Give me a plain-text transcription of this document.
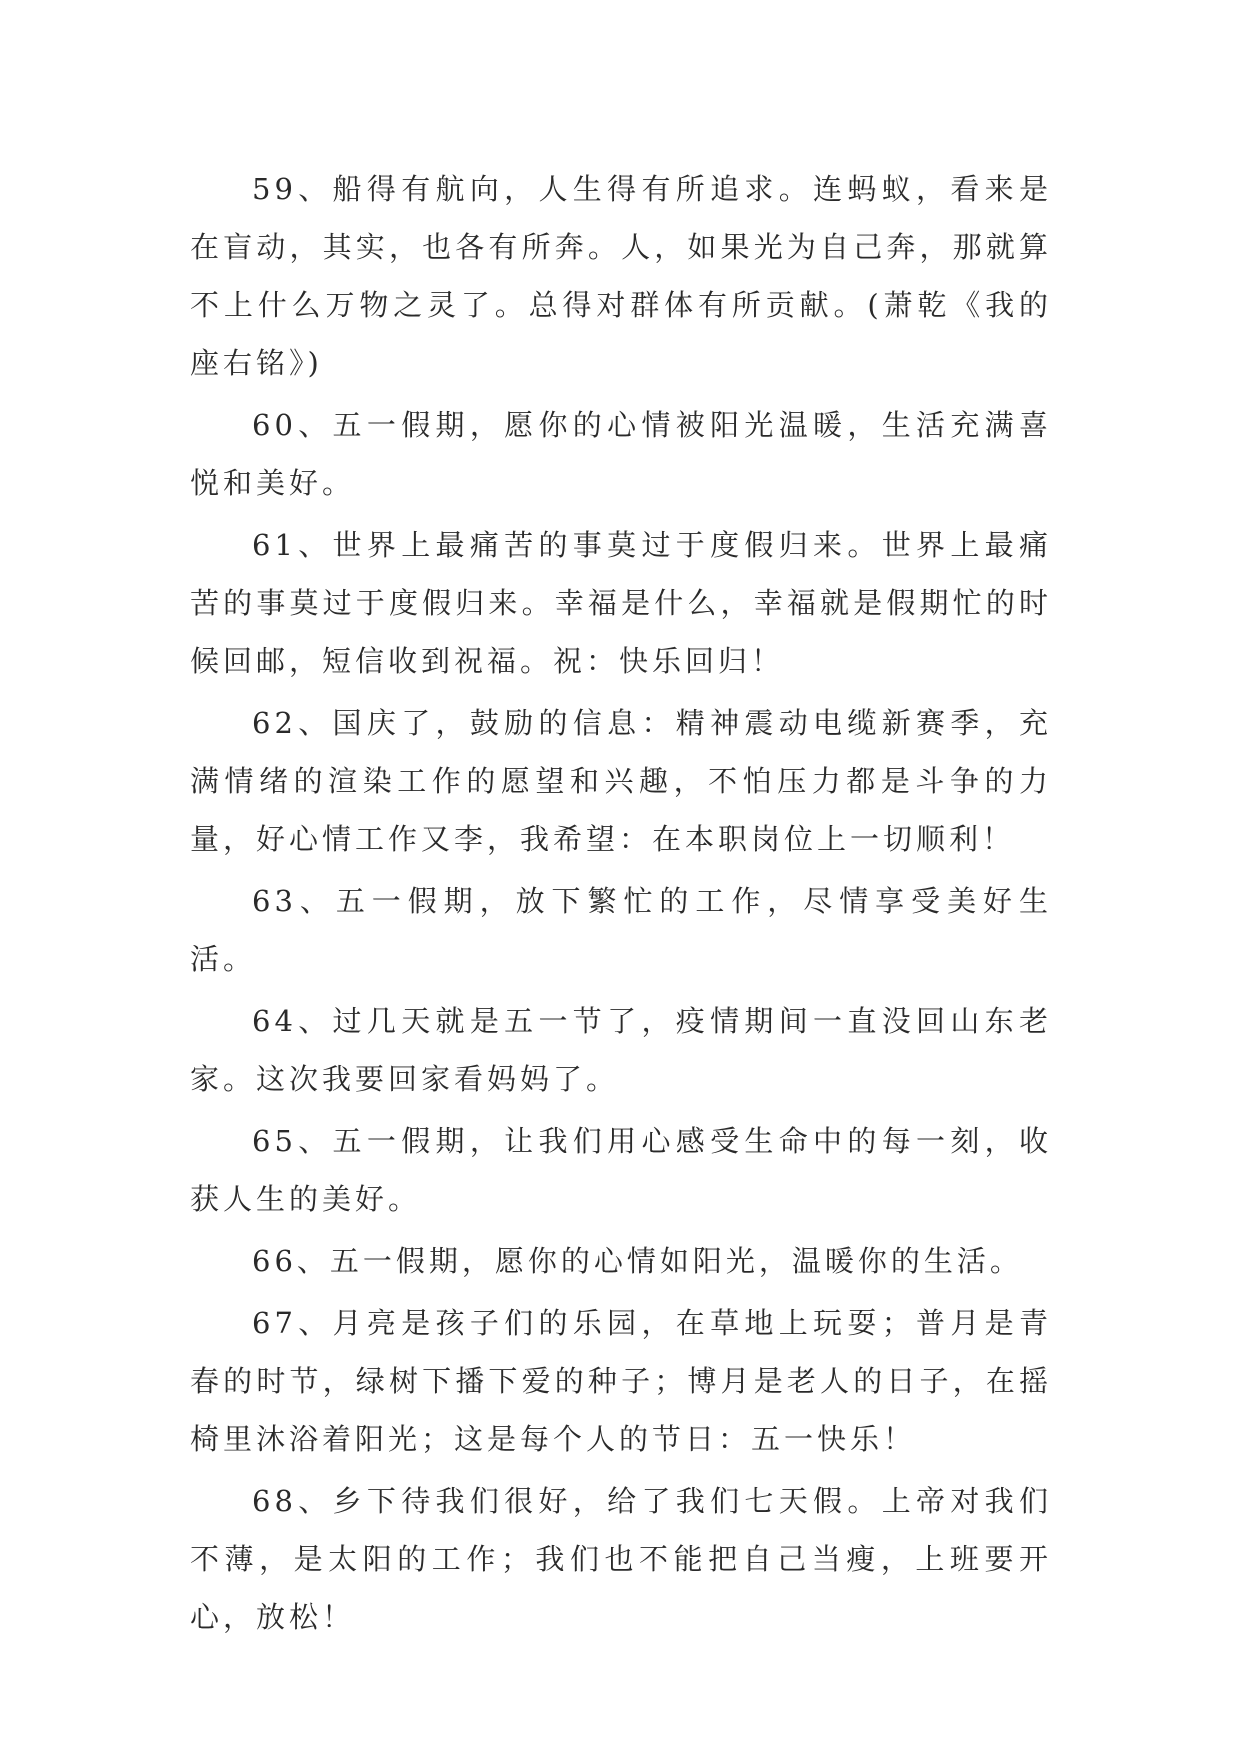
59、船得有航向，人生得有所追求。连蚂蚁，看来是在盲动，其实，也各有所奔。人，如果光为自己奔，那就算不上什么万物之灵了。总得对群体有所贡献。(萧乾《我的座右铭》)

60、五一假期，愿你的心情被阳光温暖，生活充满喜悦和美好。

61、世界上最痛苦的事莫过于度假归来。世界上最痛苦的事莫过于度假归来。幸福是什么，幸福就是假期忙的时候回邮，短信收到祝福。祝：快乐回归！

62、国庆了，鼓励的信息：精神震动电缆新赛季，充满情绪的渲染工作的愿望和兴趣，不怕压力都是斗争的力量，好心情工作又李，我希望：在本职岗位上一切顺利！

63、五一假期，放下繁忙的工作，尽情享受美好生活。

64、过几天就是五一节了，疫情期间一直没回山东老家。这次我要回家看妈妈了。

65、五一假期，让我们用心感受生命中的每一刻，收获人生的美好。

66、五一假期，愿你的心情如阳光，温暖你的生活。

67、月亮是孩子们的乐园，在草地上玩耍；普月是青春的时节，绿树下播下爱的种子；博月是老人的日子，在摇椅里沐浴着阳光；这是每个人的节日：五一快乐！

68、乡下待我们很好，给了我们七天假。上帝对我们不薄，是太阳的工作；我们也不能把自己当瘦，上班要开心，放松！
